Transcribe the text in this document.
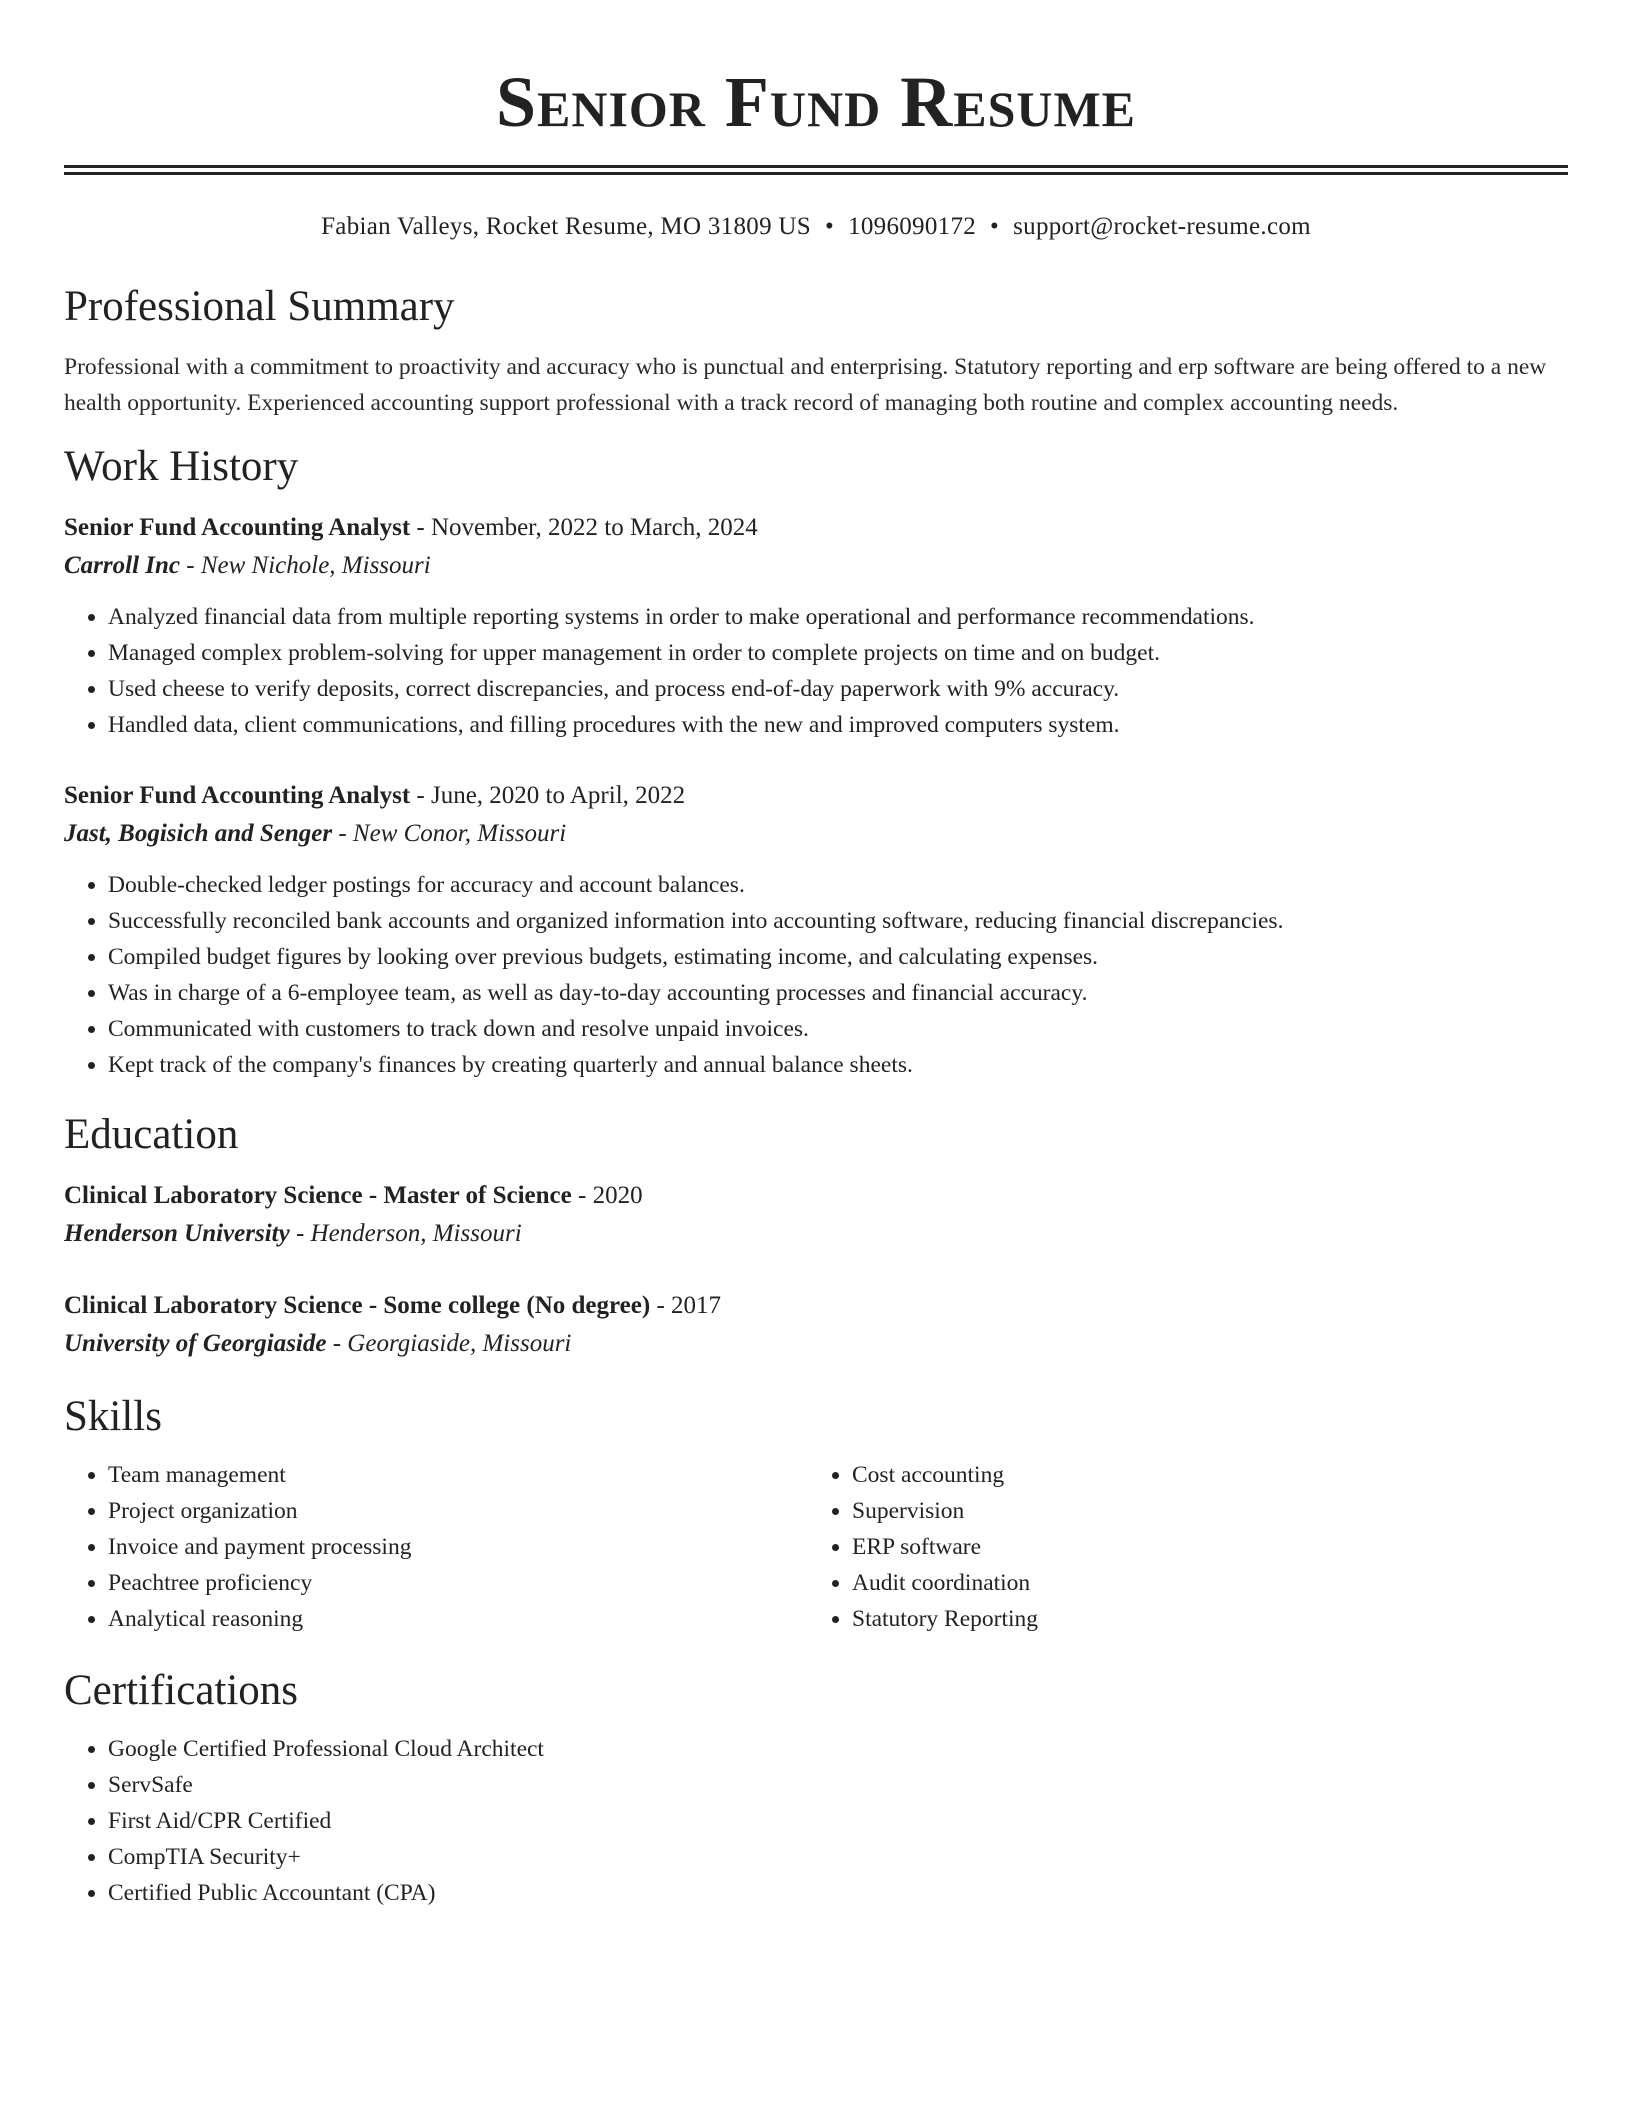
Senior Fund Resume
Fabian Valleys, Rocket Resume, MO 31809 US • 1096090172 • support@rocket-resume.com
Professional Summary

Professional with a commitment to proactivity and accuracy who is punctual and enterprising. Statutory reporting and erp software are being offered to a new health opportunity. Experienced accounting support professional with a track record of managing both routine and complex accounting needs.

Work History
Senior Fund Accounting Analyst - November, 2022 to March, 2024
Carroll Inc - New Nichole, Missouri
• Analyzed financial data from multiple reporting systems in order to make operational and performance recommendations.
• Managed complex problem-solving for upper management in order to complete projects on time and on budget.
• Used cheese to verify deposits, correct discrepancies, and process end-of-day paperwork with 9% accuracy.
• Handled data, client communications, and filling procedures with the new and improved computers system.
Senior Fund Accounting Analyst - June, 2020 to April, 2022
Jast, Bogisich and Senger - New Conor, Missouri
• Double-checked ledger postings for accuracy and account balances.
• Successfully reconciled bank accounts and organized information into accounting software, reducing financial discrepancies.
• Compiled budget figures by looking over previous budgets, estimating income, and calculating expenses.
• Was in charge of a 6-employee team, as well as day-to-day accounting processes and financial accuracy.
• Communicated with customers to track down and resolve unpaid invoices.
• Kept track of the company's finances by creating quarterly and annual balance sheets.
Education
Clinical Laboratory Science - Master of Science - 2020
Henderson University - Henderson, Missouri
Clinical Laboratory Science - Some college (No degree) - 2017
University of Georgiaside - Georgiaside, Missouri
Skills
• Team management
• Project organization
• Invoice and payment processing
• Peachtree proficiency
• Analytical reasoning
• Cost accounting
• Supervision
• ERP software
• Audit coordination
• Statutory Reporting
Certifications
• Google Certified Professional Cloud Architect
• ServSafe
• First Aid/CPR Certified
• CompTIA Security+
• Certified Public Accountant (CPA)
